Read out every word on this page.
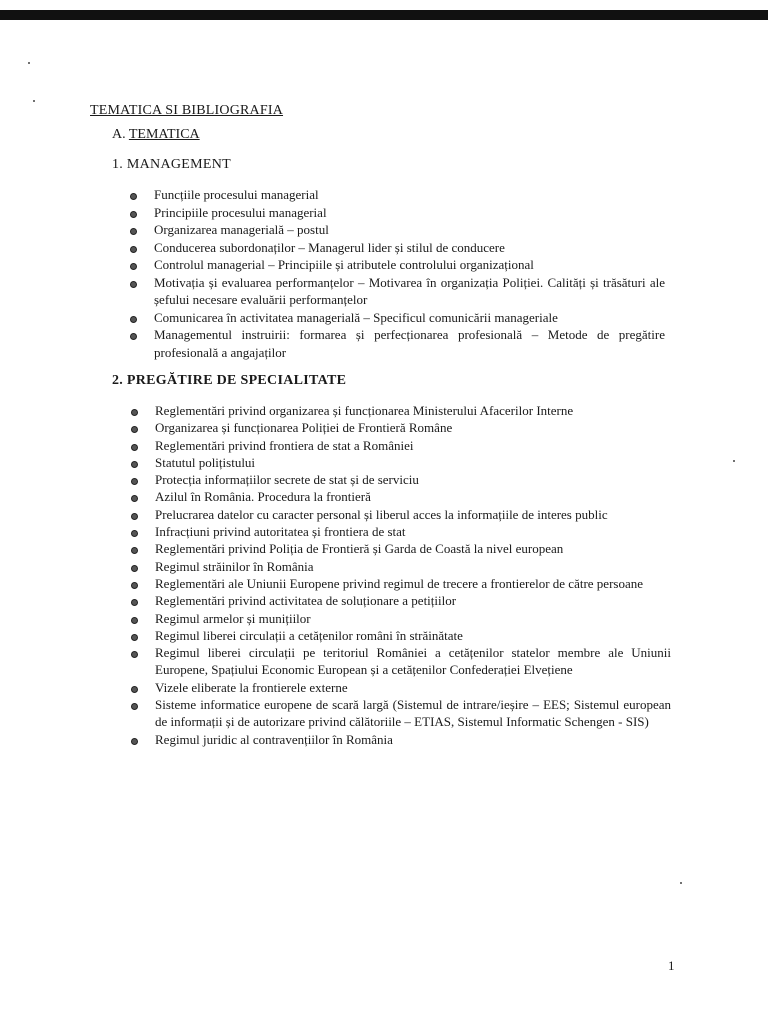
TEMATICA SI BIBLIOGRAFIA
A. TEMATICA
1. MANAGEMENT
Funcțiile procesului managerial
Principiile procesului managerial
Organizarea managerială – postul
Conducerea subordonaților – Managerul lider și stilul de conducere
Controlul managerial – Principiile și atributele controlului organizațional
Motivația și evaluarea performanțelor – Motivarea în organizația Poliției. Calități și trăsături ale șefului necesare evaluării performanțelor
Comunicarea în activitatea managerială – Specificul comunicării manageriale
Managementul instruirii: formarea și perfecționarea profesională – Metode de pregătire profesională a angajaților
2. PREGĂTIRE DE SPECIALITATE
Reglementări privind organizarea și funcționarea Ministerului Afacerilor Interne
Organizarea și funcționarea Poliției de Frontieră Române
Reglementări privind frontiera de stat a României
Statutul polițistului
Protecția informațiilor secrete de stat și de serviciu
Azilul în România. Procedura la frontieră
Prelucrarea datelor cu caracter personal și liberul acces la informațiile de interes public
Infracțiuni privind autoritatea și frontiera de stat
Reglementări privind Poliția de Frontieră și Garda de Coastă la nivel european
Regimul străinilor în România
Reglementări ale Uniunii Europene privind regimul de trecere a frontierelor de către persoane
Reglementări privind activitatea de soluționare a petițiilor
Regimul armelor și munițiilor
Regimul liberei circulații a cetățenilor români în străinătate
Regimul liberei circulații pe teritoriul României a cetățenilor statelor membre ale Uniunii Europene, Spațiului Economic European și a cetățenilor Confederației Elvețiene
Vizele eliberate la frontierele externe
Sisteme informatice europene de scară largă (Sistemul de intrare/ieșire – EES; Sistemul european de informații și de autorizare privind călătoriile – ETIAS, Sistemul Informatic Schengen - SIS)
Regimul juridic al contravențiilor în România
1
